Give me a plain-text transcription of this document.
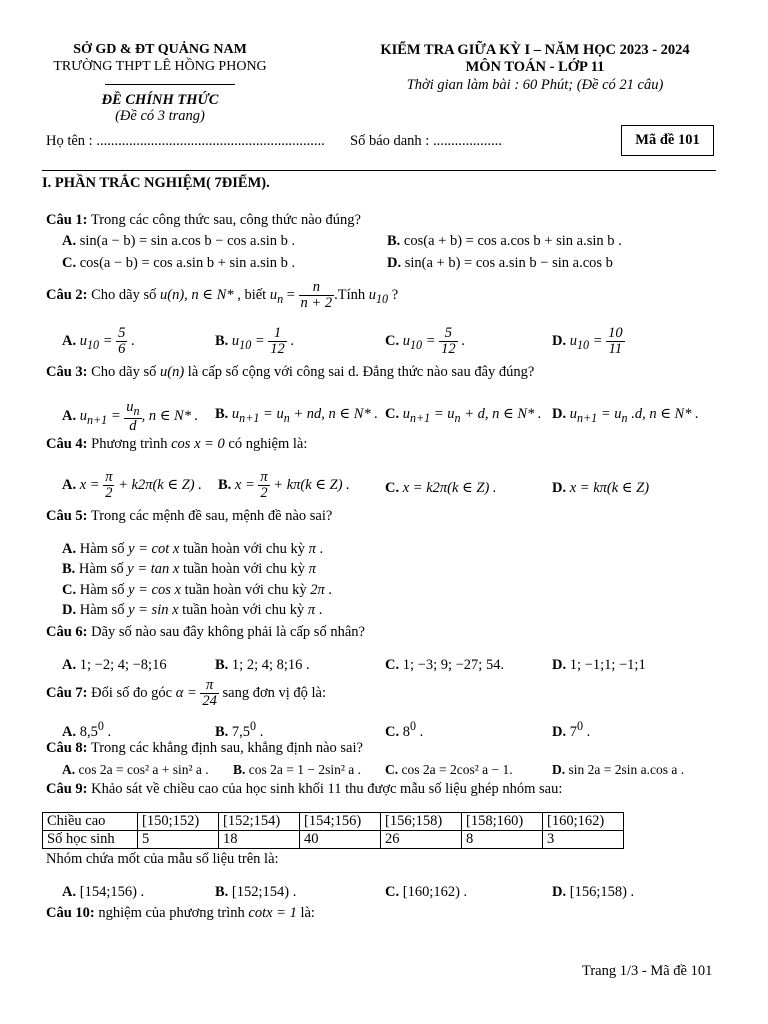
SỞ GD & ĐT QUẢNG NAM
TRƯỜNG THPT LÊ HỒNG PHONG
ĐỀ CHÍNH THỨC
(Đề có 3 trang)
KIỂM TRA GIỮA KỲ I – NĂM HỌC 2023 - 2024
MÔN TOÁN - LỚP 11
Thời gian làm bài : 60 Phút; (Đề có 21 câu)
Họ tên : ............................................................... Số báo danh : ...................	Mã đề 101
I. PHẦN TRẮC NGHIỆM( 7ĐIỂM).
Câu 1: Trong các công thức sau, công thức nào đúng?
A. sin(a − b) = sin a.cos b − cos a.sin b .	B. cos(a + b) = cos a.cos b + sin a.sin b .
C. cos(a − b) = cos a.sin b + sin a.sin b .	D. sin(a + b) = cos a.sin b − sin a.cos b
Câu 2: Cho dãy số u(n), n ∈ N* , biết $u_n = \frac{n}{n + 2}$ .Tính $u_{10}$ ?
A. $u_{10} = \frac{5}{6}$ .	B. $u_{10} = \frac{1}{12}$ .	C. $u_{10} = \frac{5}{12}$ .	D. $u_{10} = \frac{10}{11}$
Câu 3: Cho dãy số u(n) là cấp số cộng với công sai d. Đẳng thức nào sau đây đúng?
A. $u_{n+1} = \frac{u_n}{d}$ , n ∈ N* . B. $u_{n+1} = u_n$ + nd, n ∈ N* . C. $u_{n+1} = u_n + d$, n ∈ N* . D. $u_{n+1} = u_n$ .d, n ∈ N* .
Câu 4: Phương trình cos x = 0 có nghiệm là:
A. $x = \frac{\pi}{2} + k2\pi(k$ ∈ Z) . B. $x = \frac{\pi}{2} + k\pi(k$ ∈ Z) . C. x = k2π(k ∈ Z) .	D. x = kπ(k ∈ Z)
Câu 5: Trong các mệnh đề sau, mệnh đề nào sai?
A. Hàm số y = cot x tuần hoàn với chu kỳ π .
B. Hàm số y = tan x tuần hoàn với chu kỳ π
C. Hàm số y = cos x tuần hoàn với chu kỳ 2π .
D. Hàm số y = sin x tuần hoàn với chu kỳ π .
Câu 6: Dãy số nào sau đây không phải là cấp số nhân?
A. 1; −2; 4; −8;16	B. 1; 2; 4; 8;16 .	C. 1; −3; 9; −27; 54.	D. 1; −1;1; −1;1
Câu 7: Đổi số đo góc $\alpha = \frac{\pi}{24}$ sang đơn vị độ là:
A. $8,5^0$ .	B. $7,5^0$ .	C. $8^0$ .	D. $7^0$ .
Câu 8: Trong các khẳng định sau, khẳng định nào sai?
A. cos 2a = cos² a + sin² a . B. cos 2a = 1 − 2sin² a . C. cos 2a = 2cos² a − 1.	D. sin 2a = 2sin a.cos a .
Câu 9: Khảo sát về chiều cao của học sinh khối 11 thu được mẫu số liệu ghép nhóm sau:
Chiều cao	[150;152)	[152;154)	[154;156)	[156;158)	[158;160)	[160;162)
Số học sinh	5	18	40	26	8	3
Nhóm chứa mốt của mẫu số liệu trên là:
A. [154;156) .	B. [152;154) .	C. [160;162) .	D. [156;158) .
Câu 10: nghiệm của phương trình cotx = 1 là:
Trang 1/3 - Mã đề 101
